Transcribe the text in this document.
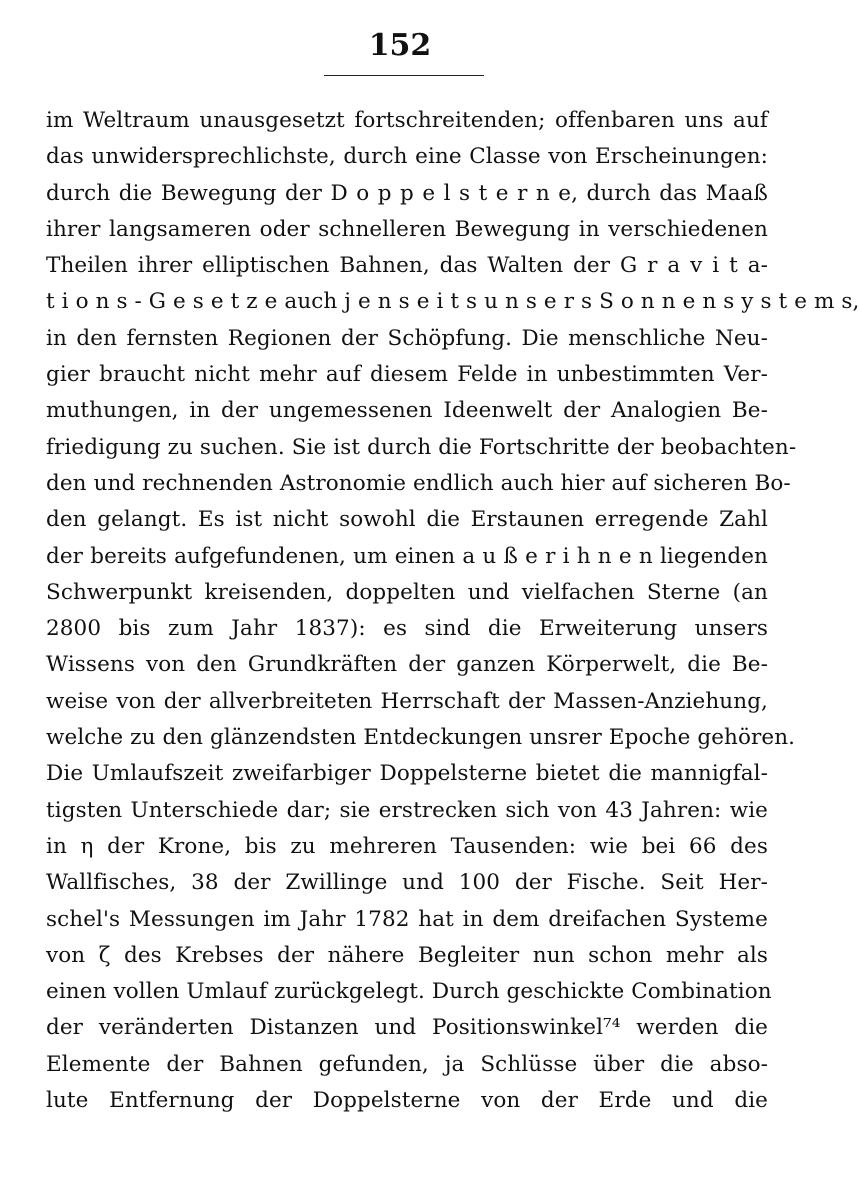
152
im Weltraum unausgesetzt fortschreitenden; offenbaren uns auf
das unwidersprechlichste, durch eine Classe von Erscheinungen:
durch die Bewegung der D o p p e l s t e r n e, durch das Maaß
ihrer langsameren oder schnelleren Bewegung in verschiedenen
Theilen ihrer elliptischen Bahnen, das Walten der G r a v i t a-
t i o n s - G e s e t z e auch j e n s e i t s u n s e r s S o n n e n s y s t e m s,
in den fernsten Regionen der Schöpfung. Die menschliche Neu-
gier braucht nicht mehr auf diesem Felde in unbestimmten Ver-
muthungen, in der ungemessenen Ideenwelt der Analogien Be-
friedigung zu suchen. Sie ist durch die Fortschritte der beobachten-
den und rechnenden Astronomie endlich auch hier auf sicheren Bo-
den gelangt. Es ist nicht sowohl die Erstaunen erregende Zahl
der bereits aufgefundenen, um einen a u ß e r i h n e n liegenden
Schwerpunkt kreisenden, doppelten und vielfachen Sterne (an
2800 bis zum Jahr 1837): es sind die Erweiterung unsers
Wissens von den Grundkräften der ganzen Körperwelt, die Be-
weise von der allverbreiteten Herrschaft der Massen-Anziehung,
welche zu den glänzendsten Entdeckungen unsrer Epoche gehören.
Die Umlaufszeit zweifarbiger Doppelsterne bietet die mannigfal-
tigsten Unterschiede dar; sie erstrecken sich von 43 Jahren: wie
in η der Krone, bis zu mehreren Tausenden: wie bei 66 des
Wallfisches, 38 der Zwillinge und 100 der Fische. Seit Her-
schel's Messungen im Jahr 1782 hat in dem dreifachen Systeme
von ζ des Krebses der nähere Begleiter nun schon mehr als
einen vollen Umlauf zurückgelegt. Durch geschickte Combination
der veränderten Distanzen und Positionswinkel⁷⁴ werden die
Elemente der Bahnen gefunden, ja Schlüsse über die abso-
lute Entfernung der Doppelsterne von der Erde und die
